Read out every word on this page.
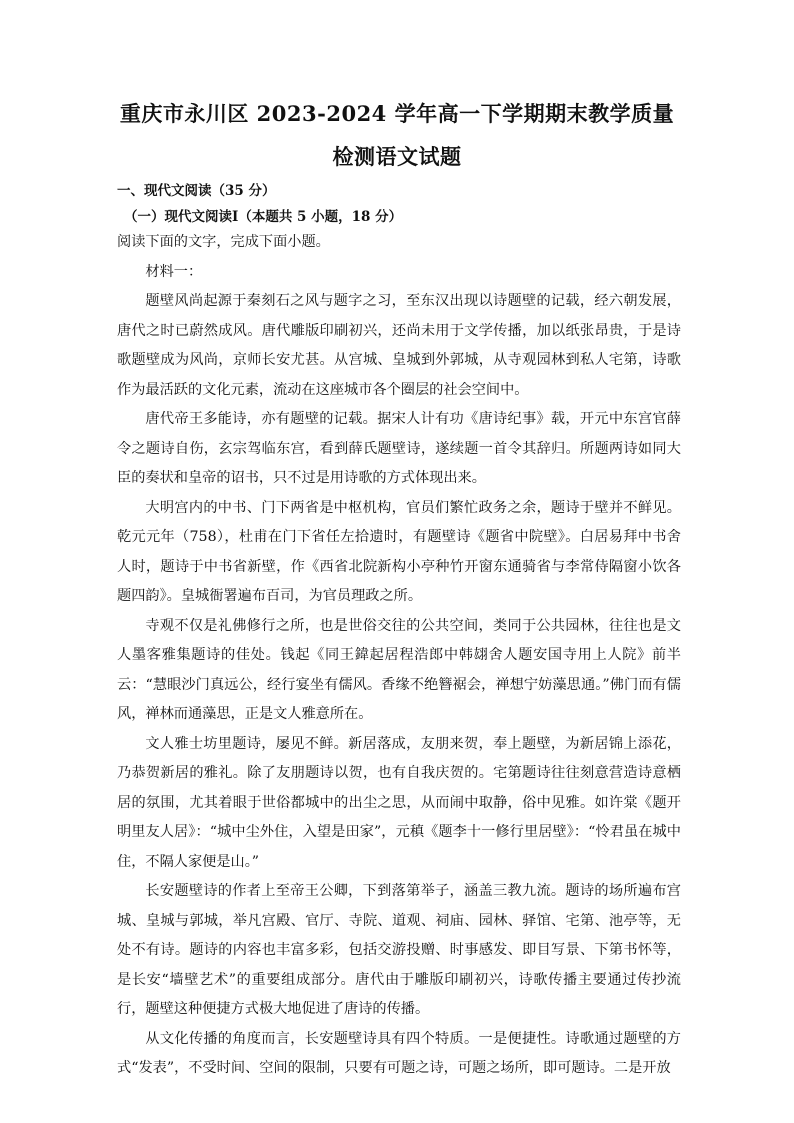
重庆市永川区 2023-2024 学年高一下学期期末教学质量
检测语文试题
一、现代文阅读（35 分）
（一）现代文阅读Ⅰ（本题共 5 小题，18 分）

阅读下面的文字，完成下面小题。

材料一：

题壁风尚起源于秦刻石之风与题字之习，至东汉出现以诗题壁的记载，经六朝发展，唐代之时已蔚然成风。唐代雕版印刷初兴，还尚未用于文学传播，加以纸张昂贵，于是诗歌题壁成为风尚，京师长安尤甚。从宫城、皇城到外郭城，从寺观园林到私人宅第，诗歌作为最活跃的文化元素，流动在这座城市各个圈层的社会空间中。

唐代帝王多能诗，亦有题壁的记载。据宋人计有功《唐诗纪事》载，开元中东宫官薛令之题诗自伤，玄宗驾临东宫，看到薛氏题壁诗，遂续题一首令其辞归。所题两诗如同大臣的奏状和皇帝的诏书，只不过是用诗歌的方式体现出来。

大明宫内的中书、门下两省是中枢机构，官员们繁忙政务之余，题诗于壁并不鲜见。乾元元年（758），杜甫在门下省任左拾遗时，有题壁诗《题省中院壁》。白居易拜中书舍人时，题诗于中书省新壁，作《西省北院新构小亭种竹开窗东通骑省与李常侍隔窗小饮各题四韵》。皇城衙署遍布百司，为官员理政之所。

寺观不仅是礼佛修行之所，也是世俗交往的公共空间，类同于公共园林，往往也是文人墨客雅集题诗的佳处。钱起《同王鍏起居程浩郎中韩翃舍人题安国寺用上人院》前半云：“慧眼沙门真远公，经行宴坐有儒风。香缘不绝簪裾会，禅想宁妨藻思通。”佛门而有儒风，禅林而通藻思，正是文人雅意所在。

文人雅士坊里题诗，屡见不鲜。新居落成，友朋来贺，奉上题壁，为新居锦上添花，乃恭贺新居的雅礼。除了友朋题诗以贺，也有自我庆贺的。宅第题诗往往刻意营造诗意栖居的氛围，尤其着眼于世俗都城中的出尘之思，从而闹中取静，俗中见雅。如许棠《题开明里友人居》：“城中尘外住，入望是田家”，元稹《题李十一修行里居壁》：“怜君虽在城中住，不隔人家便是山。”

长安题壁诗的作者上至帝王公卿，下到落第举子，涵盖三教九流。题诗的场所遍布宫城、皇城与郭城，举凡宫殿、官厅、寺院、道观、祠庙、园林、驿馆、宅第、池亭等，无处不有诗。题诗的内容也丰富多彩，包括交游投赠、时事感发、即目写景、下第书怀等，是长安“墙壁艺术”的重要组成部分。唐代由于雕版印刷初兴，诗歌传播主要通过传抄流行，题壁这种便捷方式极大地促进了唐诗的传播。

从文化传播的角度而言，长安题壁诗具有四个特质。一是便捷性。诗歌通过题壁的方式“发表”，不受时间、空间的限制，只要有可题之诗，可题之场所，即可题诗。二是开放
